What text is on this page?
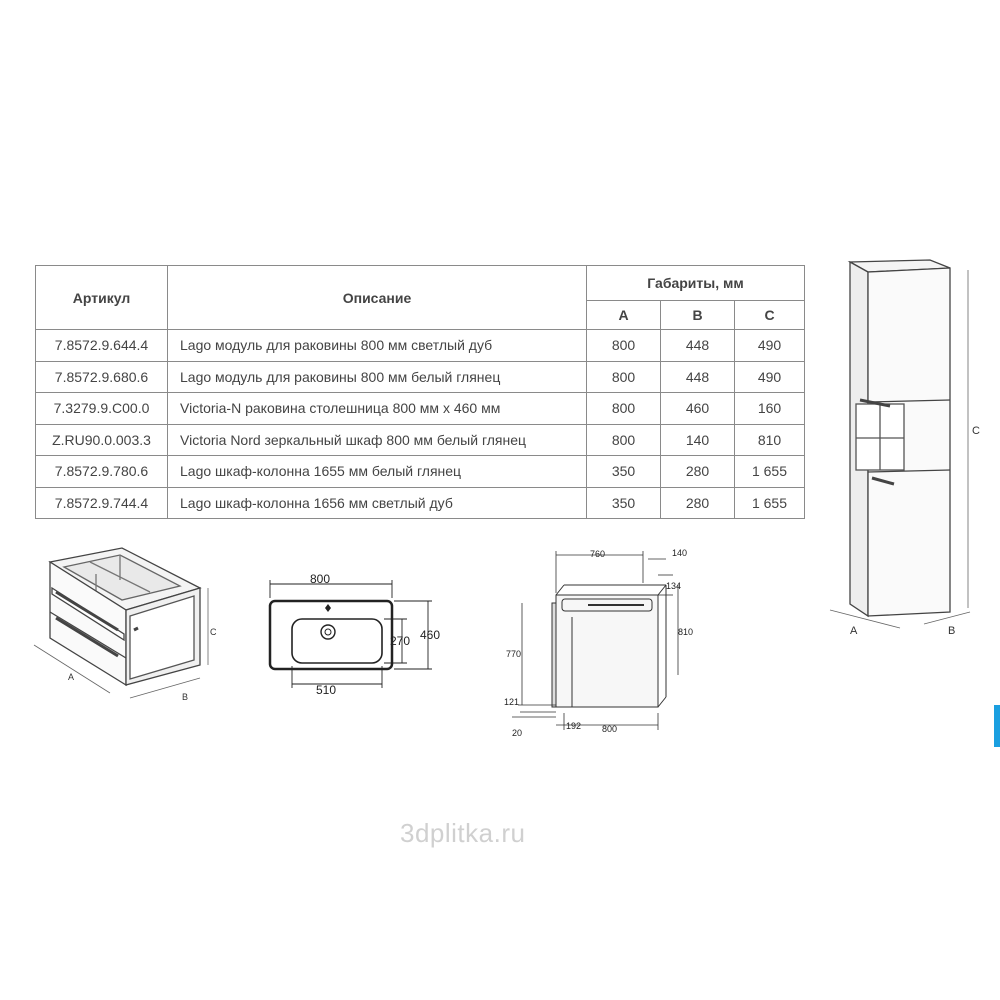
Артикул	Описание	Габариты, мм		
		A	B	C
7.8572.9.644.4	Lago модуль для раковины 800 мм светлый дуб	800	448	490
7.8572.9.680.6	Lago модуль для раковины 800 мм белый глянец	800	448	490
7.3279.9.C00.0	Victoria-N раковина столешница 800 мм x 460 мм	800	460	160
Z.RU90.0.003.3	Victoria Nord зеркальный шкаф 800 мм белый глянец	800	140	810
7.8572.9.780.6	Lago шкаф-колонна 1655 мм белый глянец	350	280	1 655
7.8572.9.744.4	Lago шкаф-колонна 1656 мм светлый дуб	350	280	1 655
A
B
C
800
510
270 460
760	140
134
810
770
121
20
192 800
C
A	B
3dplitka.ru
